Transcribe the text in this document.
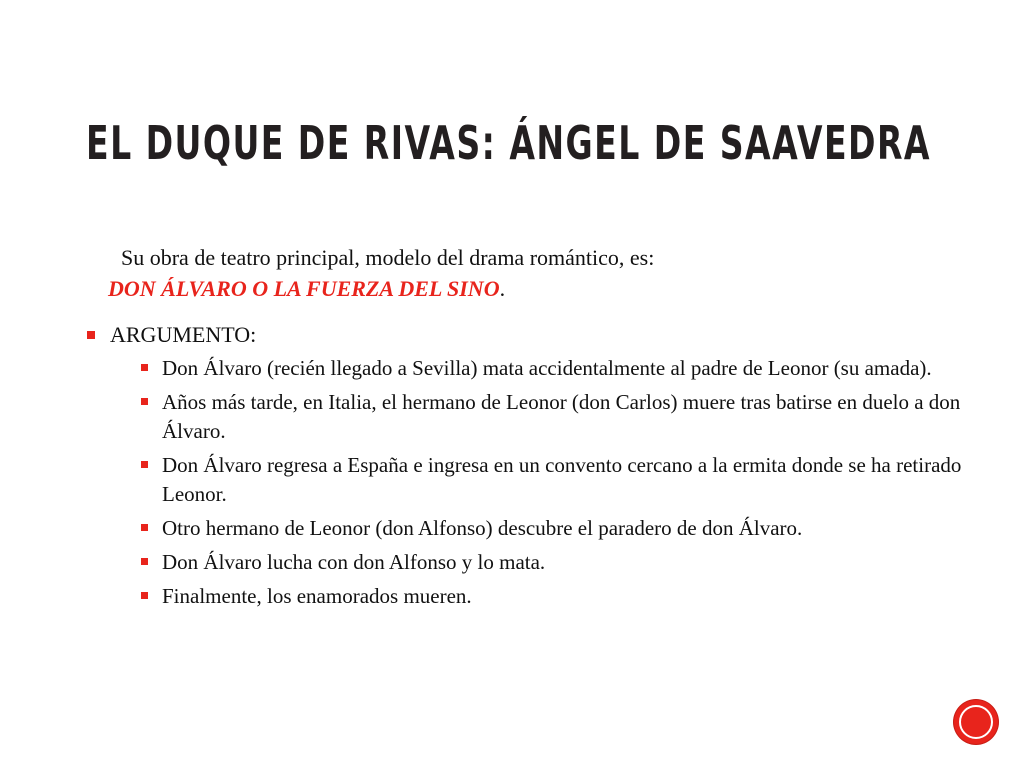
EL DUQUE DE RIVAS: ÁNGEL DE SAAVEDRA

Su obra de teatro principal, modelo del drama romántico, es:
DON ÁLVARO O LA FUERZA DEL SINO.

ARGUMENTO:
Don Álvaro (recién llegado a Sevilla) mata accidentalmente al padre de Leonor (su amada).
Años más tarde, en Italia, el hermano de Leonor (don Carlos) muere tras batirse en duelo a don Álvaro.
Don Álvaro regresa a España e ingresa en un convento cercano a la ermita donde se ha retirado Leonor.
Otro hermano de Leonor (don Alfonso) descubre el paradero de don Álvaro.
Don Álvaro lucha con don Alfonso y lo mata.
Finalmente, los enamorados mueren.
